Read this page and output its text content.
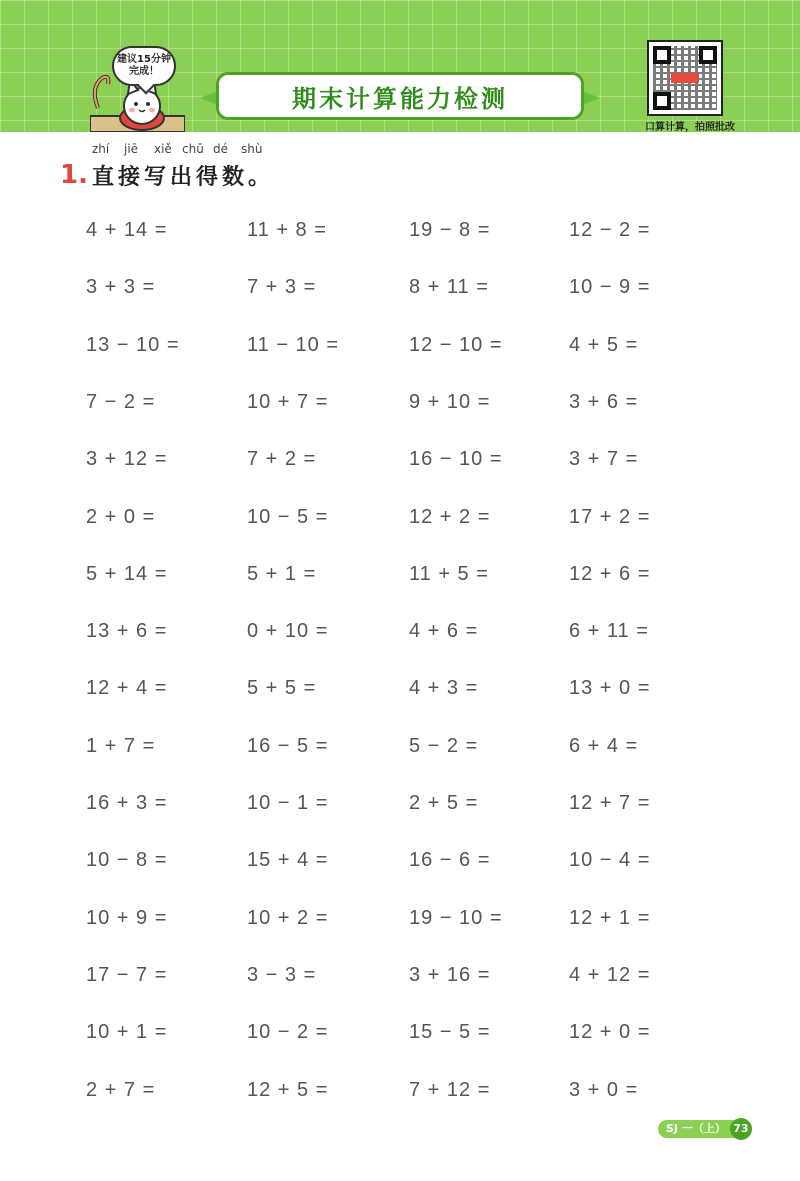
建议15分钟完成！
期末计算能力检测
口算计算，拍照批改
zhí jiē xiě chū dé shù
1. 直接写出得数。
4 + 14 =	11 + 8 =	19 − 8 =	12 − 2 =
3 + 3 =	7 + 3 =	8 + 11 =	10 − 9 =
13 − 10 =	11 − 10 =	12 − 10 =	4 + 5 =
7 − 2 =	10 + 7 =	9 + 10 =	3 + 6 =
3 + 12 =	7 + 2 =	16 − 10 =	3 + 7 =
2 + 0 =	10 − 5 =	12 + 2 =	17 + 2 =
5 + 14 =	5 + 1 =	11 + 5 =	12 + 6 =
13 + 6 =	0 + 10 =	4 + 6 =	6 + 11 =
12 + 4 =	5 + 5 =	4 + 3 =	13 + 0 =
1 + 7 =	16 − 5 =	5 − 2 =	6 + 4 =
16 + 3 =	10 − 1 =	2 + 5 =	12 + 7 =
10 − 8 =	15 + 4 =	16 − 6 =	10 − 4 =
10 + 9 =	10 + 2 =	19 − 10 =	12 + 1 =
17 − 7 =	3 − 3 =	3 + 16 =	4 + 12 =
10 + 1 =	10 − 2 =	15 − 5 =	12 + 0 =
2 + 7 =	12 + 5 =	7 + 12 =	3 + 0 =
SJ 一（上） 73
